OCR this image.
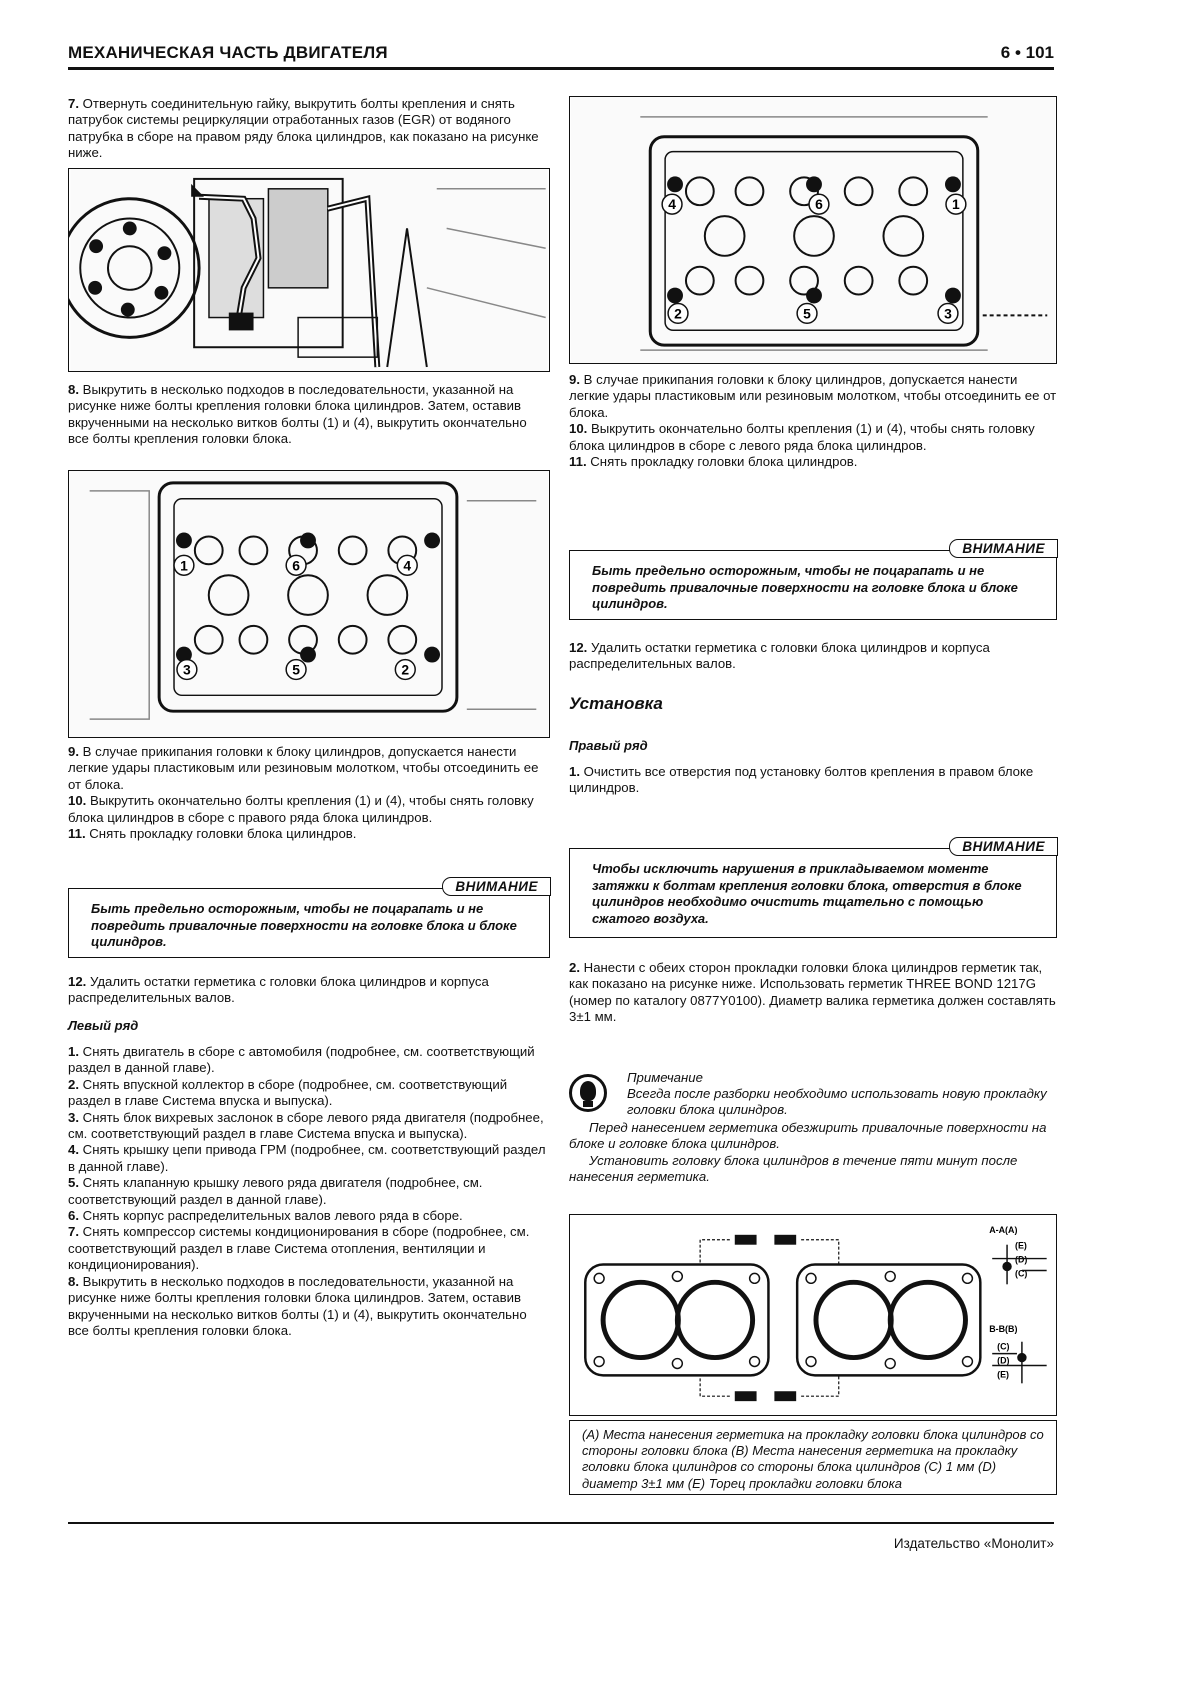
МЕХАНИЧЕСКАЯ ЧАСТЬ ДВИГАТЕЛЯ	6 • 101

7. Отвернуть соединительную гайку, выкрутить болты крепления и снять патрубок системы рециркуляции отработанных газов (EGR) от водяного патрубка в сборе на правом ряду блока цилиндров, как показано на рисунке ниже.

8. Выкрутить в несколько подходов в последовательности, указанной на рисунке ниже болты крепления головки блока цилиндров. Затем, оставив вкрученными на несколько витков болты (1) и (4), выкрутить окончательно все болты крепления головки блока.

1	6	4
3	5	2

9. В случае прикипания головки к блоку цилиндров, допускается нанести легкие удары пластиковым или резиновым молотком, чтобы отсоединить ее от блока.

10. Выкрутить окончательно болты крепления (1) и (4), чтобы снять головку блока цилиндров в сборе с правого ряда блока цилиндров.

11. Снять прокладку головки блока цилиндров.

ВНИМАНИЕ
Быть предельно осторожным, чтобы не поцарапать и не повредить привалочные поверхности на головке блока и блоке цилиндров.

12. Удалить остатки герметика с головки блока цилиндров и корпуса распределительных валов.

Левый ряд

1. Снять двигатель в сборе с автомобиля (подробнее, см. соответствующий раздел в данной главе).

2. Снять впускной коллектор в сборе (подробнее, см. соответствующий раздел в главе Система впуска и выпуска).

3. Снять блок вихревых заслонок в сборе левого ряда двигателя (подробнее, см. соответствующий раздел в главе Система впуска и выпуска).

4. Снять крышку цепи привода ГРМ (подробнее, см. соответствующий раздел в данной главе).

5. Снять клапанную крышку левого ряда двигателя (подробнее, см. соответствующий раздел в данной главе).

6. Снять корпус распределительных валов левого ряда в сборе.

7. Снять компрессор системы кондиционирования в сборе (подробнее, см. соответствующий раздел в главе Система отопления, вентиляции и кондиционирования).

8. Выкрутить в несколько подходов в последовательности, указанной на рисунке ниже болты крепления головки блока цилиндров. Затем, оставив вкрученными на несколько витков болты (1) и (4), выкрутить окончательно все болты крепления головки блока.

4	6	1
2	5	3

9. В случае прикипания головки к блоку цилиндров, допускается нанести легкие удары пластиковым или резиновым молотком, чтобы отсоединить ее от блока.

10. Выкрутить окончательно болты крепления (1) и (4), чтобы снять головку блока цилиндров в сборе с левого ряда блока цилиндров.

11. Снять прокладку головки блока цилиндров.

ВНИМАНИЕ
Быть предельно осторожным, чтобы не поцарапать и не повредить привалочные поверхности на головке блока и блоке цилиндров.

12. Удалить остатки герметика с головки блока цилиндров и корпуса распределительных валов.

Установка
Правый ряд

1. Очистить все отверстия под установку болтов крепления в правом блоке цилиндров.

ВНИМАНИЕ
Чтобы исключить нарушения в прикладываемом моменте затяжки к болтам крепления головки блока, отверстия в блоке цилиндров необходимо очистить тщательно с помощью сжатого воздуха.

2. Нанести с обеих сторон прокладки головки блока цилиндров герметик так, как показано на рисунке ниже. Использовать герметик THREE BOND 1217G (номер по каталогу 0877Y0100). Диаметр валика герметика должен составлять 3±1 мм.

Примечание
Всегда после разборки необходимо использовать новую прокладку головки блока цилиндров.

Перед нанесением герметика обезжирить привалочные поверхности на блоке и головке блока цилиндров.

Установить головку блока цилиндров в течение пяти минут после нанесения герметика.

A-A(A)
B-B(B)
(E)
(D)
(C)
(C)
(D)
(E)
(A) Места нанесения герметика на прокладку головки блока цилиндров со стороны головки блока (B) Места нанесения герметика на прокладку головки блока цилиндров со стороны блока цилиндров (C) 1 мм (D) диаметр 3±1 мм (E) Торец прокладки головки блока
Издательство «Монолит»
